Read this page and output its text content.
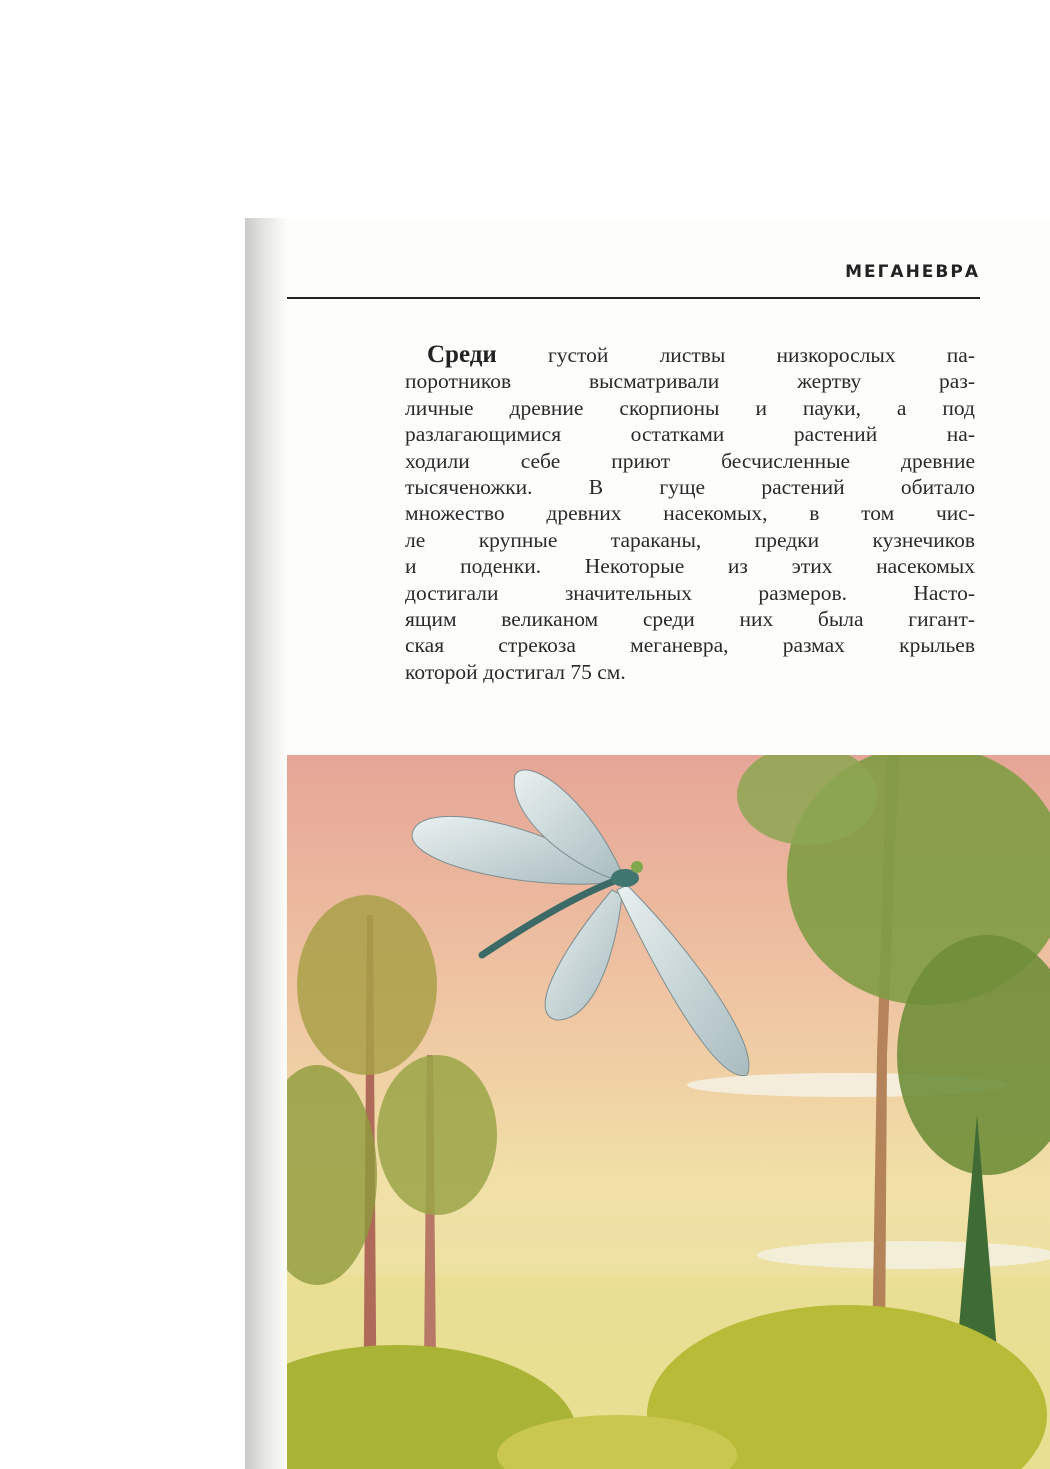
МЕГАНЕВРА
Среди густой листвы низкорослых па-
поротников высматривали жертву раз-
личные древние скорпионы и пауки, а под
разлагающимися остатками растений на-
ходили себе приют бесчисленные древние
тысяченожки. В гуще растений обитало
множество древних насекомых, в том чис-
ле крупные тараканы, предки кузнечиков
и поденки. Некоторые из этих насекомых
достигали значительных размеров. Насто-
ящим великаном среди них была гигант-
ская стрекоза меганевра, размах крыльев
которой достигал 75 см.
